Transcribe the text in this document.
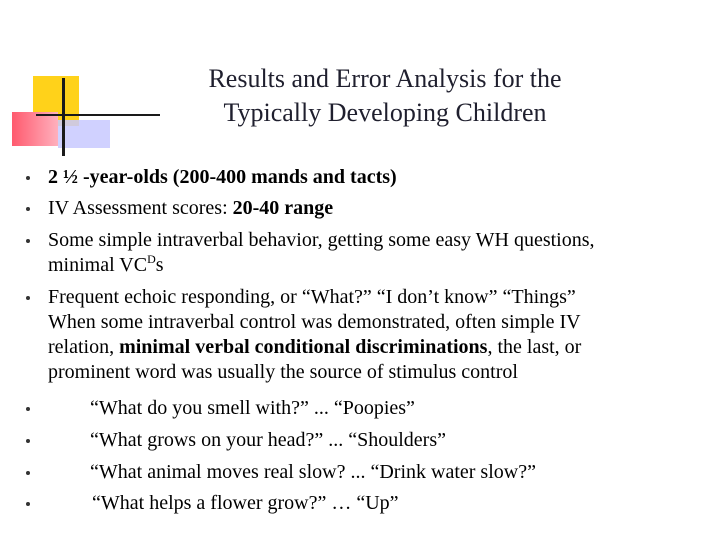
Results and Error Analysis for the
Typically Developing Children
2 ½ -year-olds (200-400 mands and tacts)
IV Assessment scores: 20-40 range
Some simple intraverbal behavior, getting some easy WH questions,
minimal $VC^Ds$
Frequent echoic responding, or “What?” “I don’t know” “Things”
When some intraverbal control was demonstrated, often simple IV
relation, minimal verbal conditional discriminations, the last, or
prominent word was usually the source of stimulus control
“What do you smell with?” ... “Poopies”
“What grows on your head?” ... “Shoulders”
“What animal moves real slow? ... “Drink water slow?”
“What helps a flower grow?” … “Up”
